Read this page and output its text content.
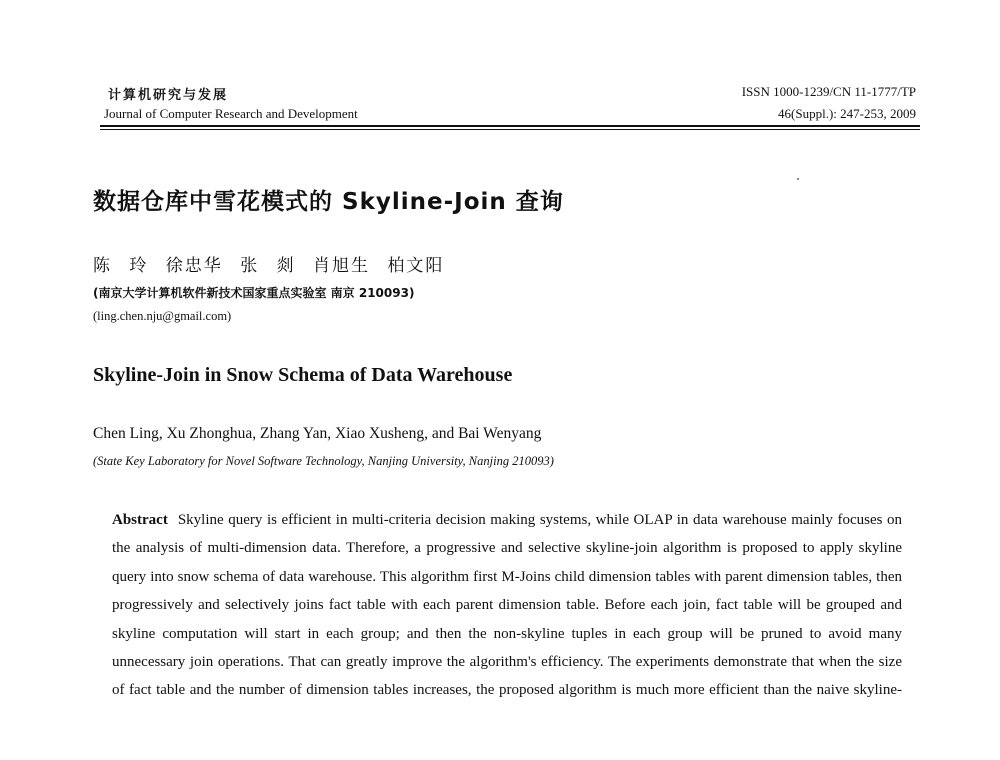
计算机研究与发展
Journal of Computer Research and Development
ISSN 1000-1239/CN 11-1777/TP
46(Suppl.): 247-253, 2009
数据仓库中雪花模式的 Skyline-Join 查询
陈 玲 徐忠华 张 剡 肖旭生 柏文阳
(南京大学计算机软件新技术国家重点实验室 南京 210093)
(ling.chen.nju@gmail.com)
Skyline-Join in Snow Schema of Data Warehouse
Chen Ling, Xu Zhonghua, Zhang Yan, Xiao Xusheng, and Bai Wenyang
(State Key Laboratory for Novel Software Technology, Nanjing University, Nanjing 210093)
Abstract Skyline query is efficient in multi-criteria decision making systems, while OLAP in data warehouse mainly focuses on the analysis of multi-dimension data. Therefore, a progressive and selective skyline-join algorithm is proposed to apply skyline query into snow schema of data warehouse. This algorithm first M-Joins child dimension tables with parent dimension tables, then progressively and selectively joins fact table with each parent dimension table. Before each join, fact table will be grouped and skyline computation will start in each group; and then the non-skyline tuples in each group will be pruned to avoid many unnecessary join operations. That can greatly improve the algorithm's efficiency. The experiments demonstrate that when the size of fact table and the number of dimension tables increases, the proposed algorithm is much more efficient than the naive skyline-
